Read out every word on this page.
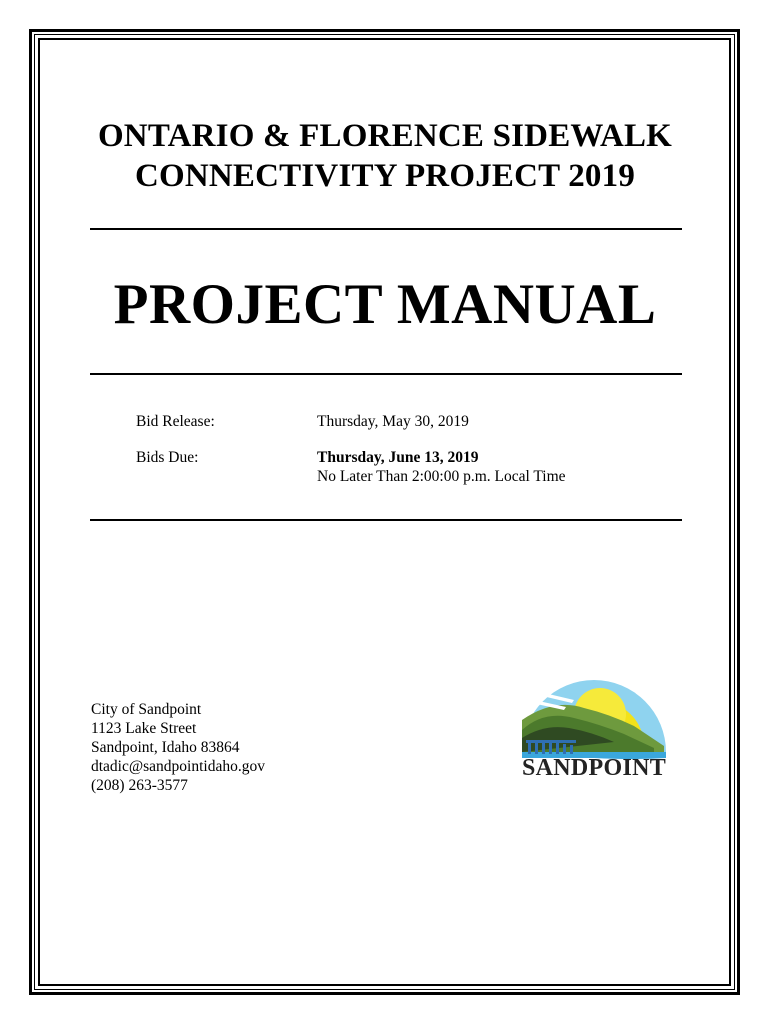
ONTARIO & FLORENCE SIDEWALK
CONNECTIVITY PROJECT 2019
PROJECT MANUAL
Bid Release:	Thursday, May 30, 2019
Bids Due:	Thursday, June 13, 2019
No Later Than 2:00:00 p.m. Local Time
City of Sandpoint
1123 Lake Street
Sandpoint, Idaho 83864
dtadic@sandpointidaho.gov
(208) 263-3577
SANDPOINT
